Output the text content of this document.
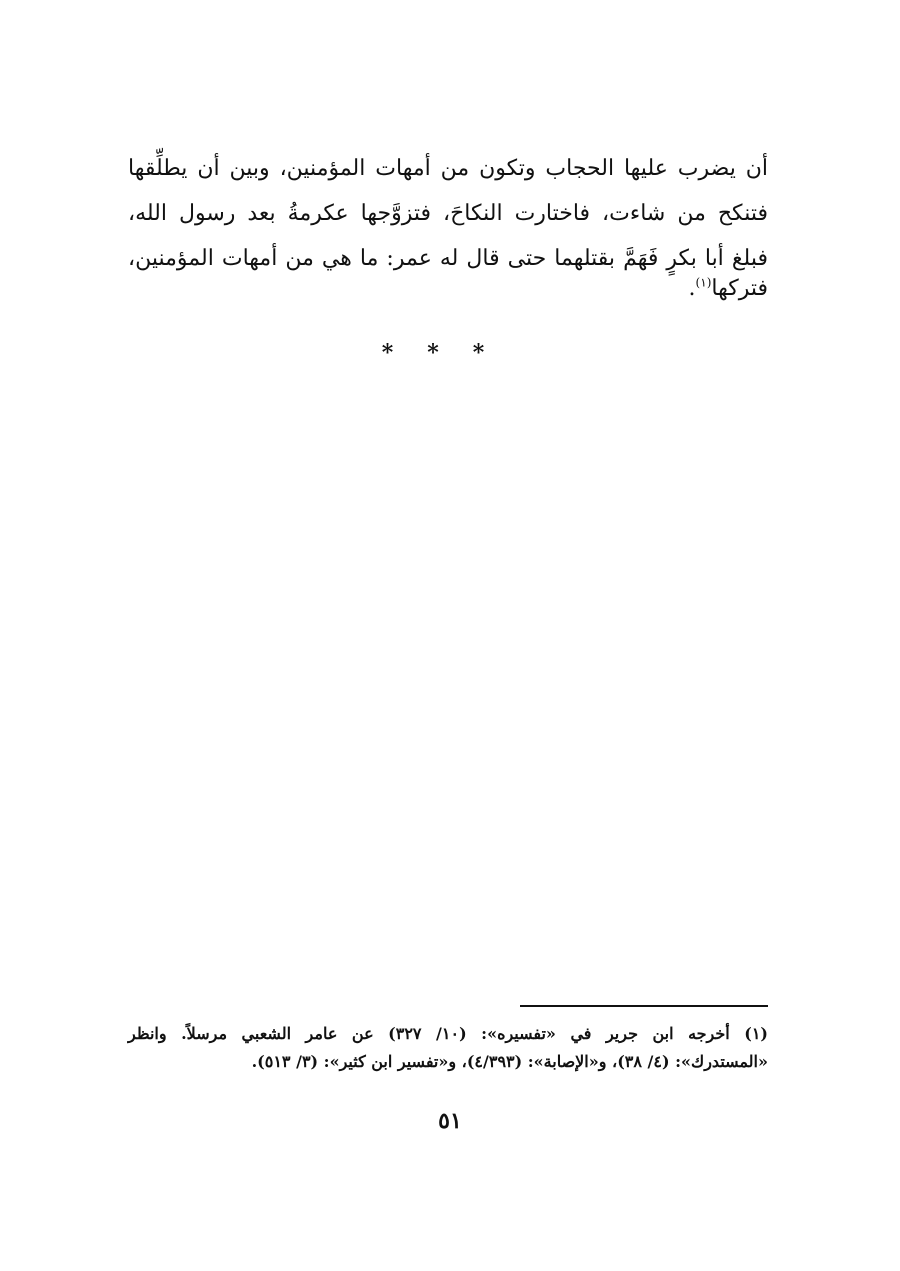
أن يضرب عليها الحجاب وتكون من أمهات المؤمنين، وبين أن يطلِّقها
فتنكح من شاءت، فاختارت النكاحَ، فتزوَّجها عكرمةُ بعد رسول الله،
فبلغ أبا بكرٍ فَهَمَّ بقتلهما حتى قال له عمر: ما هي من أمهات المؤمنين،
فتركها$^{(١)}$.
***
(١) أخرجه ابن جرير في «تفسيره»: (١٠/ ٣٢٧) عن عامر الشعبي مرسلاً. وانظر
«المستدرك»: (٤/ ٣٨)، و«الإصابة»: (٤/٣٩٣)، و«تفسير ابن كثير»: (٣/ ٥١٣).
٥١
